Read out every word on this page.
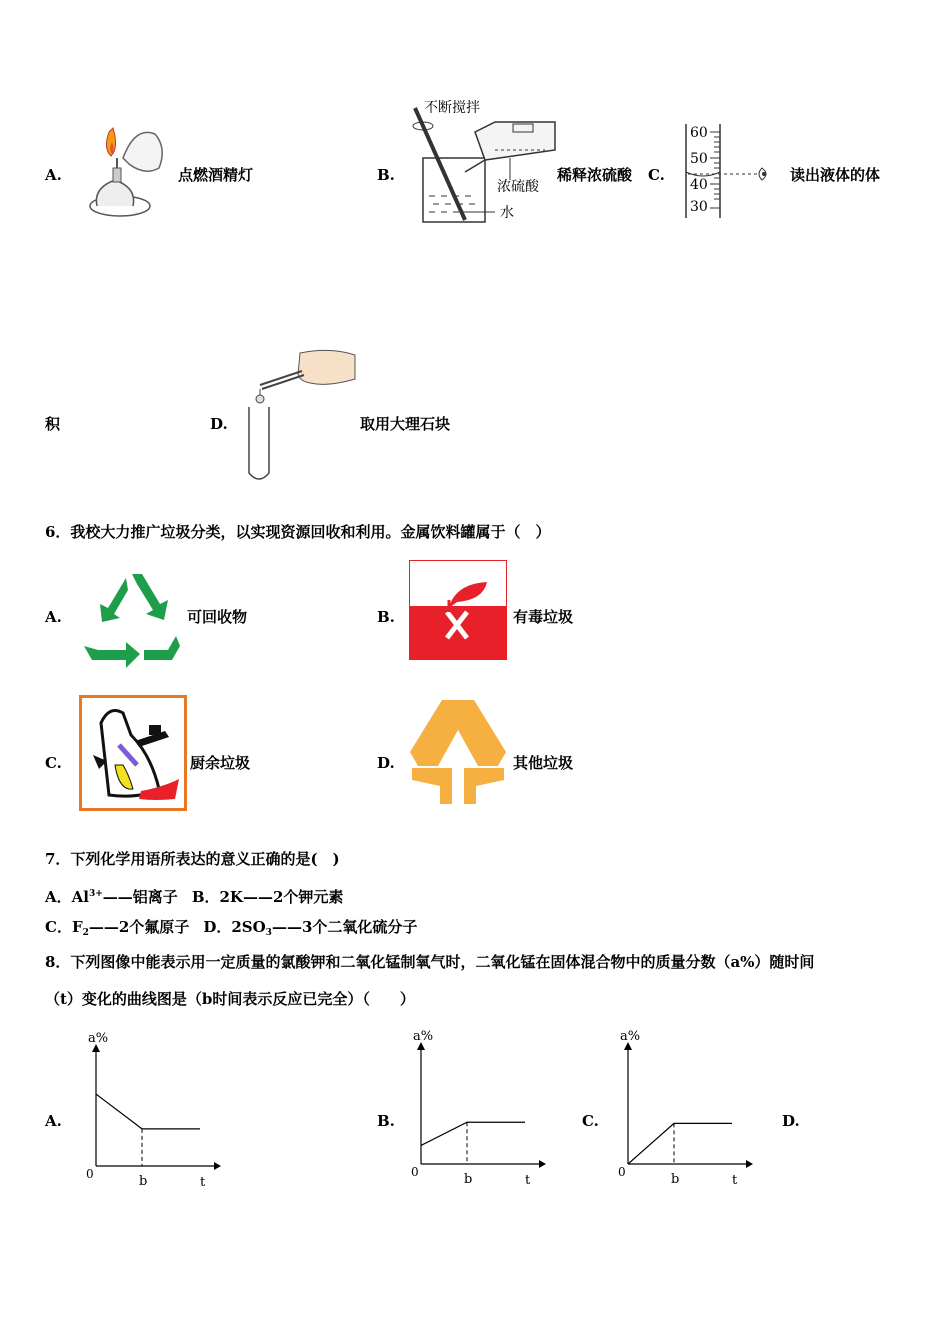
A.	点燃酒精灯	B.
不断搅拌
浓硫酸
水
稀释浓硫酸 C.
60
50
40
30
读出液体的体
积	D.	取用大理石块
6．我校大力推广垃圾分类，以实现资源回收和利用。金属饮料罐属于（　）
A.	可回收物	B.	有毒垃圾
C.	厨余垃圾	D.	其他垃圾
7．下列化学用语所表达的意义正确的是(　)
A．$Al^{3+}——$铝离子 B．2K——2个钾元素
C．$F_2——2$个氟原子 D．$2SO_3——3$个二氧化硫分子
8．下列图像中能表示用一定质量的氯酸钾和二氧化锰制氧气时，二氧化锰在固体混合物中的质量分数（a%）随时间
（t）变化的曲线图是（b时间表示反应已完全）（　　）
A.	B.	C.	D.
a%
t
0	b
a%
t
0	b
a%
t
0	b
